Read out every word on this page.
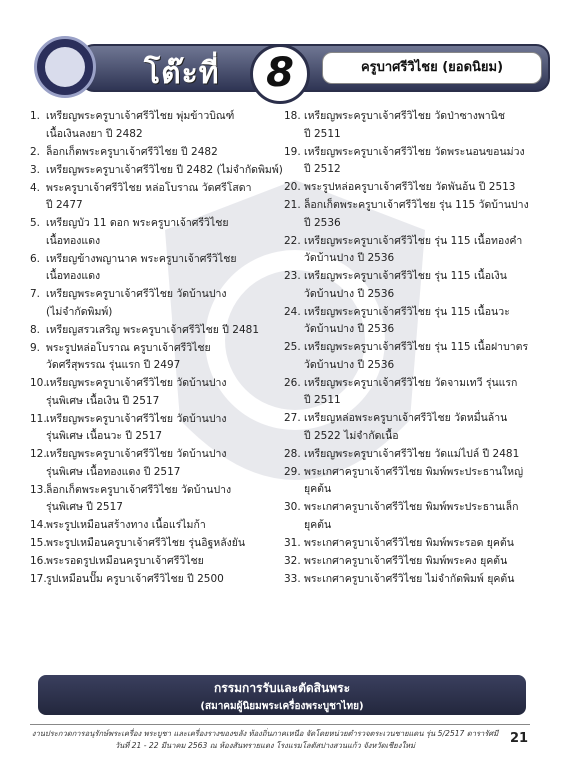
โต๊ะที่	8	ครูบาศรีวิไชย (ยอดนิยม)
1. เหรียญพระครูบาเจ้าศรีวิไชย พุ่มข้าวบิณฑ์
เนื้อเงินลงยา ปี 2482
2. ล็อกเก็ตพระครูบาเจ้าศรีวิไชย ปี 2482
3. เหรียญพระครูบาเจ้าศรีวิไชย ปี 2482 (ไม่จำกัดพิมพ์)
4. พระครูบาเจ้าศรีวิไชย หล่อโบราณ วัดศรีโสดา
ปี 2477
5. เหรียญบัว 11 ดอก พระครูบาเจ้าศรีวิไชย
เนื้อทองแดง
6. เหรียญข้างพญานาค พระครูบาเจ้าศรีวิไชย
เนื้อทองแดง
7. เหรียญพระครูบาเจ้าศรีวิไชย วัดบ้านปาง
(ไม่จำกัดพิมพ์)
8. เหรียญสรวเสริญ พระครูบาเจ้าศรีวิไชย ปี 2481
9. พระรูปหล่อโบราณ ครูบาเจ้าศรีวิไชย
วัดศรีสุพรรณ รุ่นแรก ปี 2497
10. เหรียญพระครูบาเจ้าศรีวิไชย วัดบ้านปาง
รุ่นพิเศษ เนื้อเงิน ปี 2517
11. เหรียญพระครูบาเจ้าศรีวิไชย วัดบ้านปาง
รุ่นพิเศษ เนื้อนวะ ปี 2517
12. เหรียญพระครูบาเจ้าศรีวิไชย วัดบ้านปาง
รุ่นพิเศษ เนื้อทองแดง ปี 2517
13. ล็อกเก็ตพระครูบาเจ้าศรีวิไชย วัดบ้านปาง
รุ่นพิเศษ ปี 2517
14. พระรูปเหมือนสร้างทาง เนื้อแร่ไมก้า
15. พระรูปเหมือนครูบาเจ้าศรีวิไชย รุ่นอิฐหลังยัน
16. พระรอดรูปเหมือนครูบาเจ้าศรีวิไชย
17. รูปเหมือนปั๊ม ครูบาเจ้าศรีวิไชย ปี 2500
18. เหรียญพระครูบาเจ้าศรีวิไชย วัดป่าซางพานิช
ปี 2511
19. เหรียญพระครูบาเจ้าศรีวิไชย วัดพระนอนขอนม่วง
ปี 2512
20. พระรูปหล่อครูบาเจ้าศรีวิไชย วัดพันอ้น ปี 2513
21. ล็อกเก็ตพระครูบาเจ้าศรีวิไชย รุ่น 115 วัดบ้านปาง
ปี 2536
22. เหรียญพระครูบาเจ้าศรีวิไชย รุ่น 115 เนื้อทองคำ
วัดบ้านปาง ปี 2536
23. เหรียญพระครูบาเจ้าศรีวิไชย รุ่น 115 เนื้อเงิน
วัดบ้านปาง ปี 2536
24. เหรียญพระครูบาเจ้าศรีวิไชย รุ่น 115 เนื้อนวะ
วัดบ้านปาง ปี 2536
25. เหรียญพระครูบาเจ้าศรีวิไชย รุ่น 115 เนื้อฝาบาตร
วัดบ้านปาง ปี 2536
26. เหรียญพระครูบาเจ้าศรีวิไชย วัดจามเทวี รุ่นแรก
ปี 2511
27. เหรียญหล่อพระครูบาเจ้าศรีวิไชย วัดหมื่นล้าน
ปี 2522 ไม่จำกัดเนื้อ
28. เหรียญพระครูบาเจ้าศรีวิไชย วัดแม่ไปล์ ปี 2481
29. พระเกศาครูบาเจ้าศรีวิไชย พิมพ์พระประธานใหญ่
ยุคต้น
30. พระเกศาครูบาเจ้าศรีวิไชย พิมพ์พระประธานเล็ก
ยุคต้น
31. พระเกศาครูบาเจ้าศรีวิไชย พิมพ์พระรอด ยุคต้น
32. พระเกศาครูบาเจ้าศรีวิไชย พิมพ์พระคง ยุคต้น
33. พระเกศาครูบาเจ้าศรีวิไชย ไม่จำกัดพิมพ์ ยุคต้น
กรรมการรับและตัดสินพระ
(สมาคมผู้นิยมพระเครื่องพระบูชาไทย)
งานประกวดการอนุรักษ์พระเครื่อง พระบูชา และเครื่องรางของขลัง ท้องถิ่นภาคเหนือ จัดโดยหน่วยตำรวจตระเวนชายแดน รุ่น 5/2517 ดารารัศมี
วันที่ 21 - 22 มีนาคม 2563 ณ ห้องสันทรายแดง โรงแรมโลตัสปางสวนแก้ว จังหวัดเชียงใหม่	21
